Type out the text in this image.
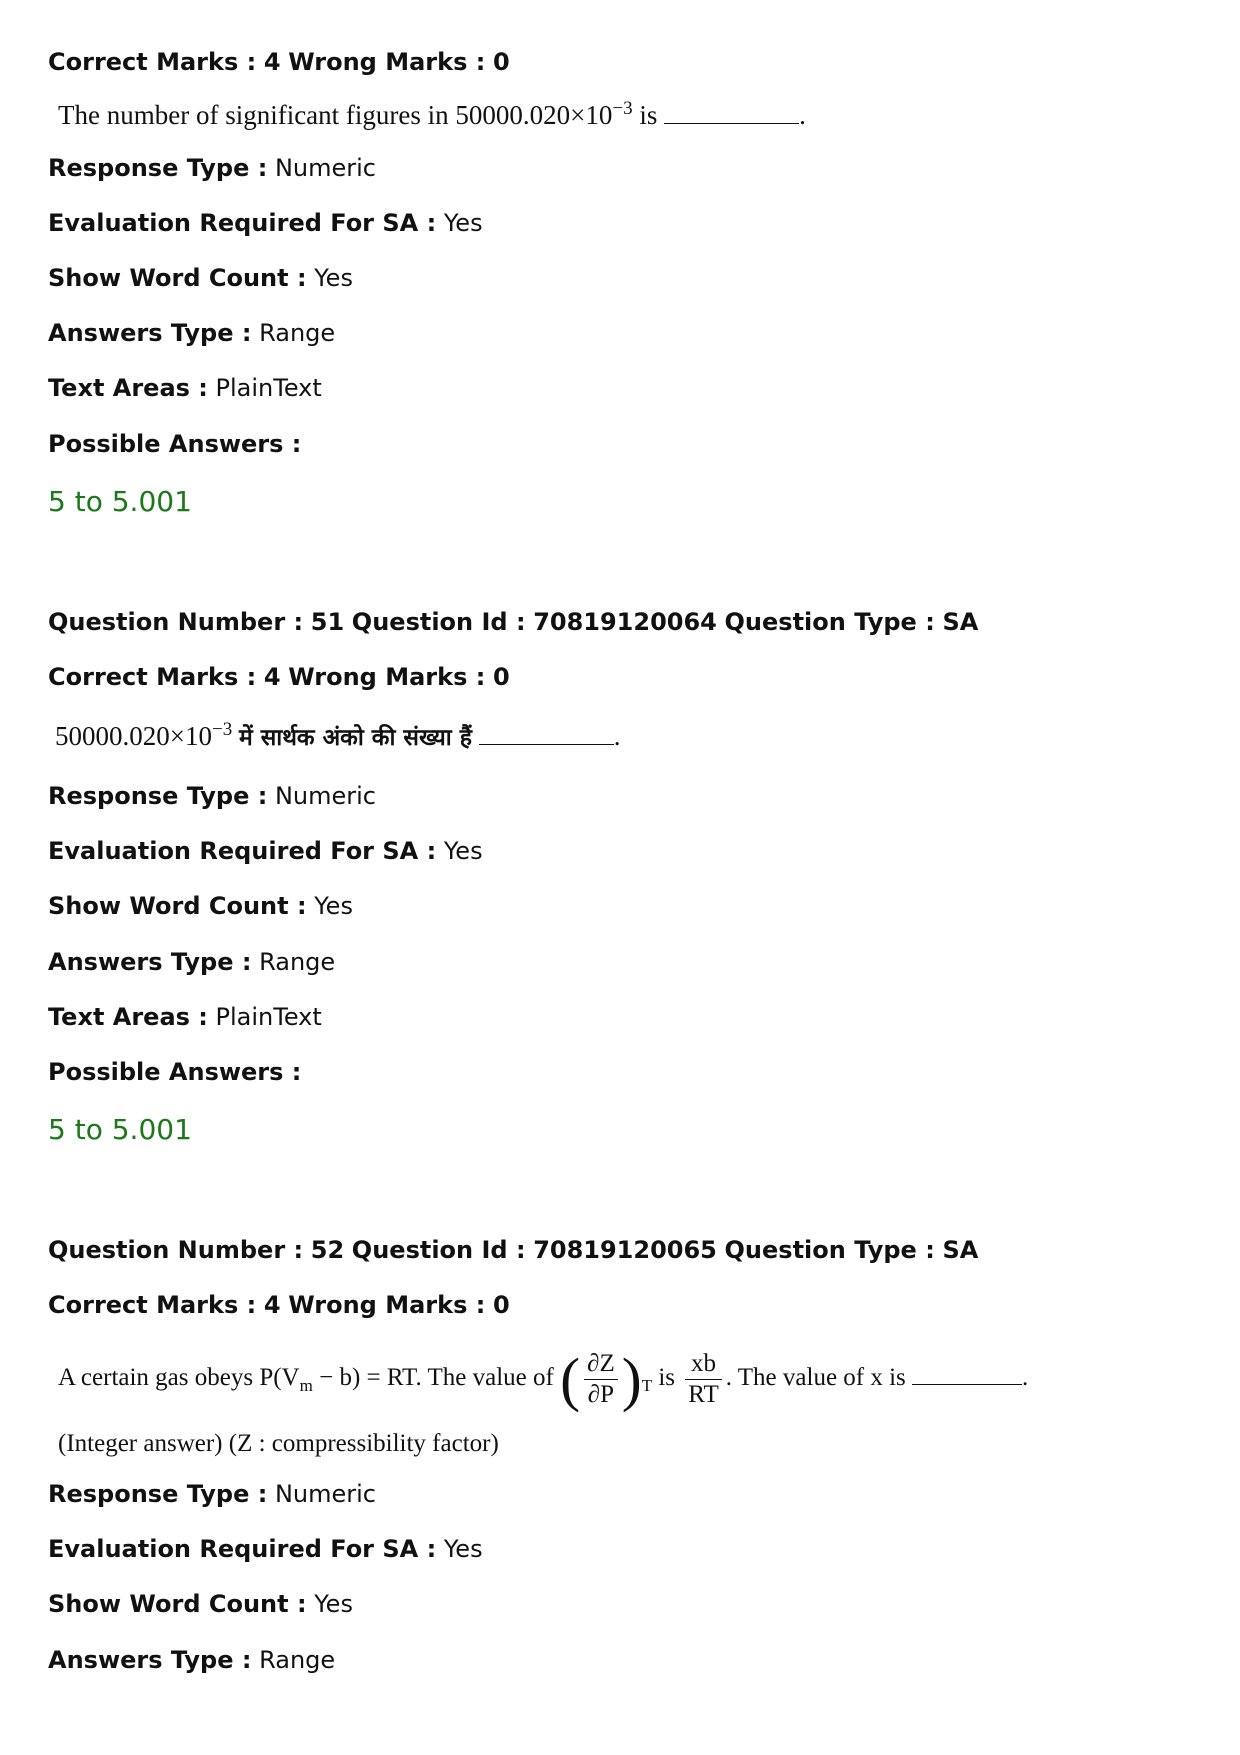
Correct Marks : 4 Wrong Marks : 0
The number of significant figures in $50000.020\times 10^{-3}$ is	.
Response Type : Numeric
Evaluation Required For SA : Yes
Show Word Count : Yes
Answers Type : Range
Text Areas : PlainText
Possible Answers :
5 to 5.001
Question Number : 51 Question Id : 70819120064 Question Type : SA
Correct Marks : 4 Wrong Marks : 0
$50000.020\times 10^{-3}$ में सार्थक अंको की संख्या हैं	.
Response Type : Numeric
Evaluation Required For SA : Yes
Show Word Count : Yes
Answers Type : Range
Text Areas : PlainText
Possible Answers :
5 to 5.001
Question Number : 52 Question Id : 70819120065 Question Type : SA
Correct Marks : 4 Wrong Marks : 0
A certain gas obeys $P(V_m - b)$ = RT. The value of ( $\frac{\partial Z}{\partial P} )_T$ is $\frac{xb}{RT}$ . The value of x is	.
(Integer answer) (Z : compressibility factor)
Response Type : Numeric
Evaluation Required For SA : Yes
Show Word Count : Yes
Answers Type : Range
